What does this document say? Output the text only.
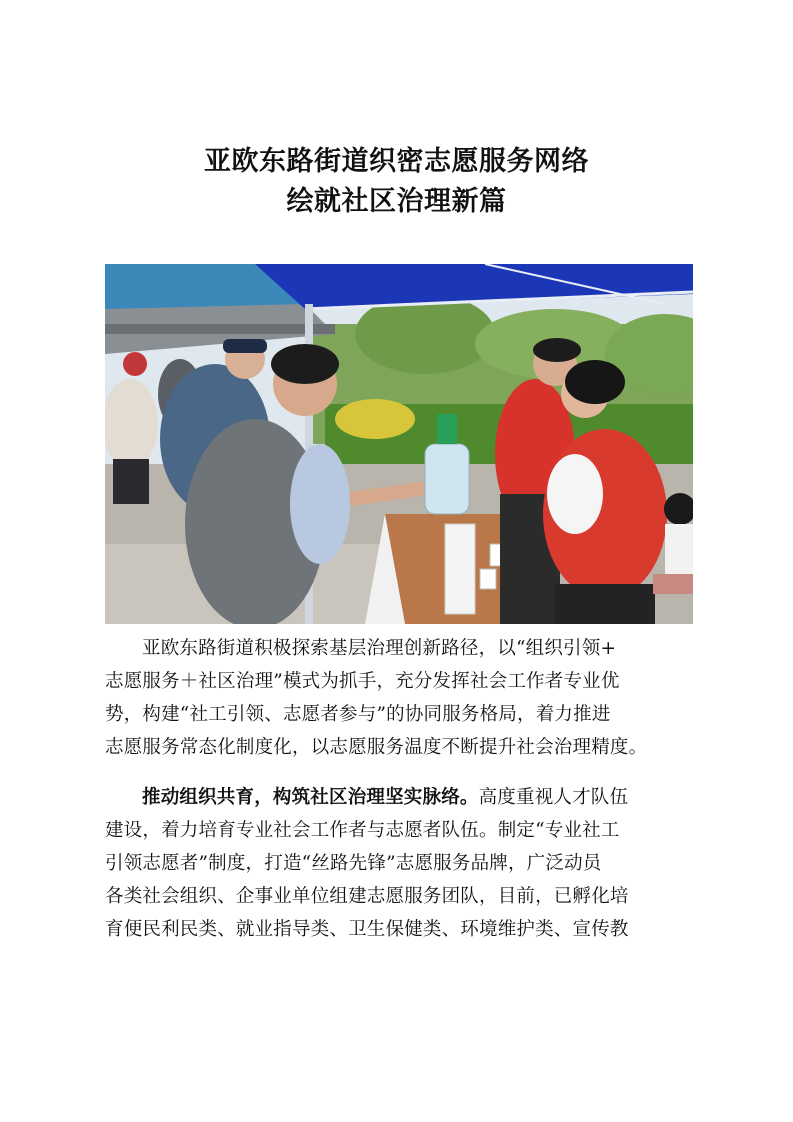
亚欧东路街道织密志愿服务网络
绘就社区治理新篇
亚欧东路街道积极探索基层治理创新路径，以“组织引领+
志愿服务＋社区治理”模式为抓手，充分发挥社会工作者专业优
势，构建“社工引领、志愿者参与”的协同服务格局，着力推进
志愿服务常态化制度化，以志愿服务温度不断提升社会治理精度。
推动组织共育，构筑社区治理坚实脉络。高度重视人才队伍
建设，着力培育专业社会工作者与志愿者队伍。制定“专业社工
引领志愿者”制度，打造“丝路先锋”志愿服务品牌，广泛动员
各类社会组织、企事业单位组建志愿服务团队，目前，已孵化培
育便民利民类、就业指导类、卫生保健类、环境维护类、宣传教
